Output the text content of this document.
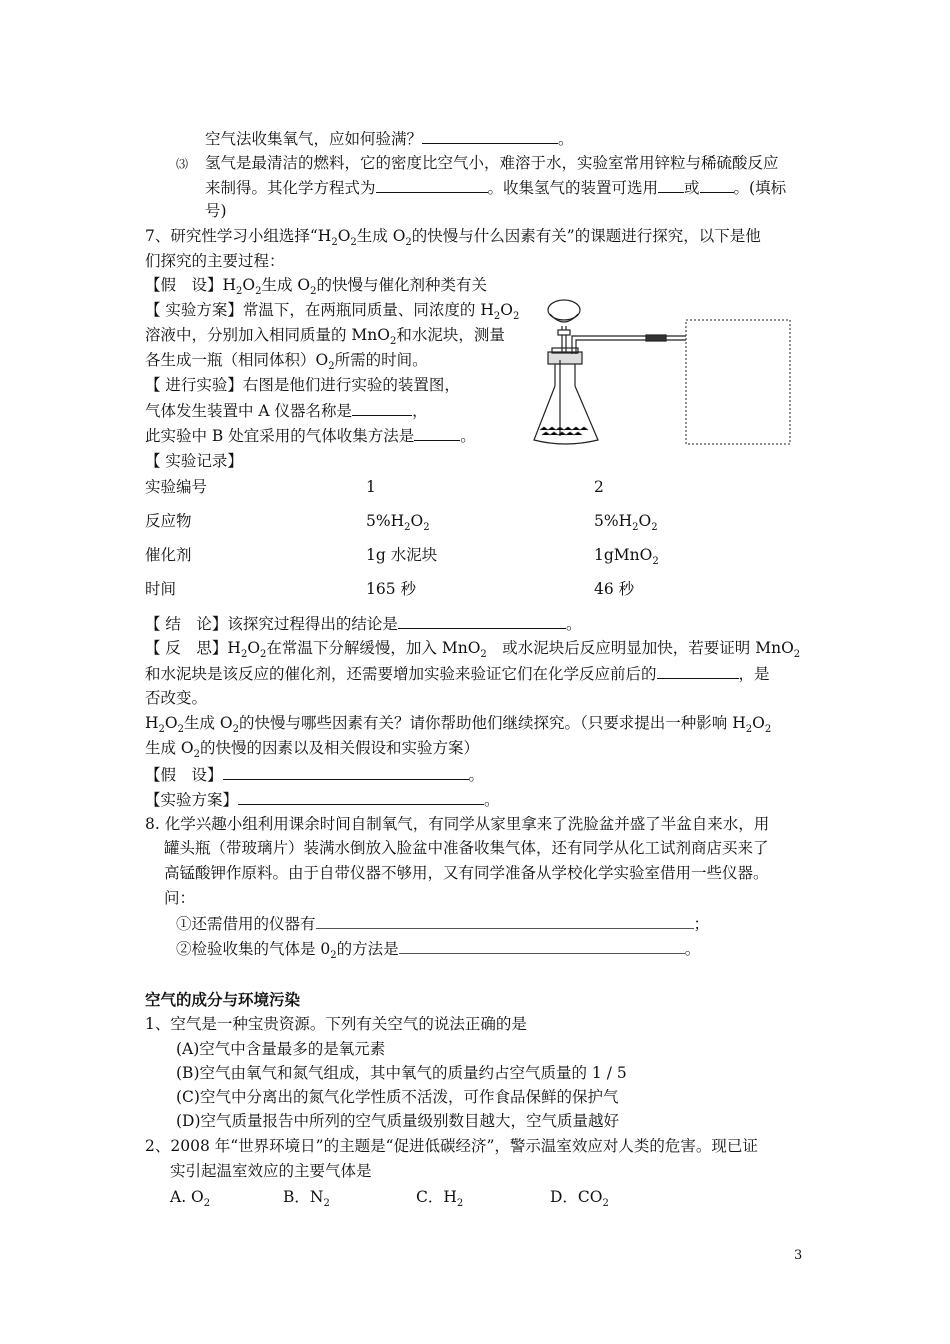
空气法收集氧气，应如何验满？	。
⑶ 氢气是最清洁的燃料，它的密度比空气小，难溶于水，实验室常用锌粒与稀硫酸反应
来制得。其化学方程式为	。收集氢气的装置可选用 或 。(填标
号)
7、研究性学习小组选择“$H_2O_2$生成 $O_2$的快慢与什么因素有关”的课题进行探究，以下是他
们探究的主要过程：
【假　设】$H_2O_2$生成 $O_2$的快慢与催化剂种类有关
【 实验方案】常温下，在两瓶同质量、同浓度的 $H_2O_2$
溶液中，分别加入相同质量的 MnO$_2$和水泥块，测量
各生成一瓶（相同体积）$O_2$所需的时间。
【 进行实验】右图是他们进行实验的装置图，
气体发生装置中 A 仪器名称是	，
此实验中 B 处宜采用的气体收集方法是	。
【 实验记录】
实验编号	1	2
反应物	$5\%H_2O_2$	$5\%H_2O_2$
催化剂	1g 水泥块	1gMnO$_2$
时间	165 秒	46 秒
【 结　论】该探究过程得出的结论是	。
【 反　思】$H_2O_2$在常温下分解缓慢，加入 MnO$_2$　或水泥块后反应明显加快，若要证明 MnO$_2$
和水泥块是该反应的催化剂，还需要增加实验来验证它们在化学反应前后的	，是
否改变。
$H_2O_2$生成 $O_2$的快慢与哪些因素有关？请你帮助他们继续探究。（只要求提出一种影响 $H_2O_2$
生成 $O_2$的快慢的因素以及相关假设和实验方案）
【假　设】	。
【实验方案】	。
8. 化学兴趣小组利用课余时间自制氧气，有同学从家里拿来了洗脸盆并盛了半盆自来水，用
罐头瓶（带玻璃片）装满水倒放入脸盆中准备收集气体，还有同学从化工试剂商店买来了
高锰酸钾作原料。由于自带仪器不够用，又有同学准备从学校化学实验室借用一些仪器。
问：
①还需借用的仪器有	；
②检验收集的气体是 $0_2$的方法是	。
空气的成分与环境污染
1、空气是一种宝贵资源。下列有关空气的说法正确的是
(A)空气中含量最多的是氧元素
(B)空气由氧气和氮气组成，其中氧气的质量约占空气质量的 1 / 5
(C)空气中分离出的氮气化学性质不活泼，可作食品保鲜的保护气
(D)空气质量报告中所列的空气质量级别数目越大，空气质量越好
2、2008 年“世界环境日”的主题是“促进低碳经济”，警示温室效应对人类的危害。现已证
实引起温室效应的主要气体是
A. $O_2$	B．$N_2$	C．$H_2$	D．$CO_2$
3
